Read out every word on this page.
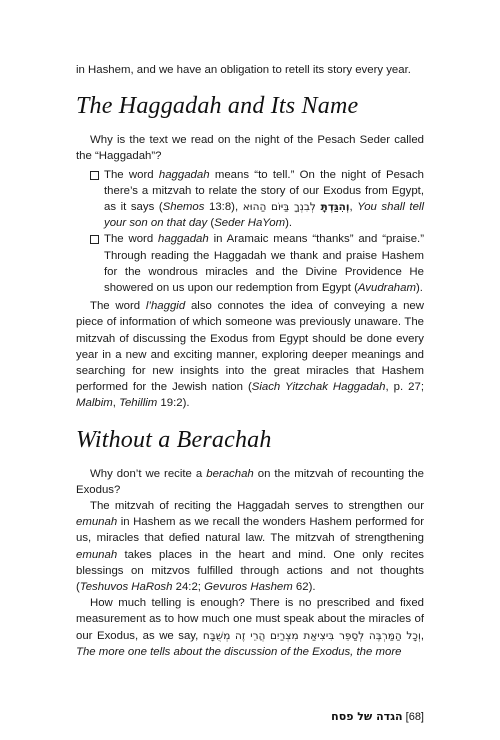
in Hashem, and we have an obligation to retell its story every year.

The Haggadah and Its Name

Why is the text we read on the night of the Pesach Seder called the “Haggadah”?

The word haggadah means “to tell.” On the night of Pesach there’s a mitzvah to relate the story of our Exodus from Egypt, as it says (Shemos 13:8),	וְהִגַּדְתָּ לְבִנְךָ בַּיּוֹם הַהוּא	, You shall tell your son on that day (Seder HaYom).
The word haggadah in Aramaic means “thanks” and “praise.” Through reading the Haggadah we thank and praise Hashem for the wondrous miracles and the Divine Providence He showered on us upon our redemption from Egypt (Avudraham).

The word l’haggid also connotes the idea of conveying a new piece of information of which someone was previously unaware. The mitzvah of discussing the Exodus from Egypt should be done every year in a new and exciting manner, exploring deeper meanings and searching for new insights into the great miracles that Hashem performed for the Jewish nation (Siach Yitzchak Haggadah, p. 27; Malbim, Tehillim 19:2).

Without a Berachah

Why don’t we recite a berachah on the mitzvah of recounting the Exodus?

The mitzvah of reciting the Haggadah serves to strengthen our emunah in Hashem as we recall the wonders Hashem performed for us, miracles that defied natural law. The mitzvah of strengthening emunah takes places in the heart and mind. One only recites blessings on mitzvos fulfilled through actions and not thoughts (Teshuvos HaRosh 24:2; Gevuros Hashem 62).

How much telling is enough? There is no prescribed and fixed measurement as to how much one must speak about the miracles of our Exodus, as we say, וְכָל הַמַּרְבֶּה לְסַפֵּר בִּיצִיאַת מִצְרַיִם הֲרֵי זֶה מְשֻׁבָּח, The more one tells about the discussion of the Exodus, the more

הגדה של פסח [68]
